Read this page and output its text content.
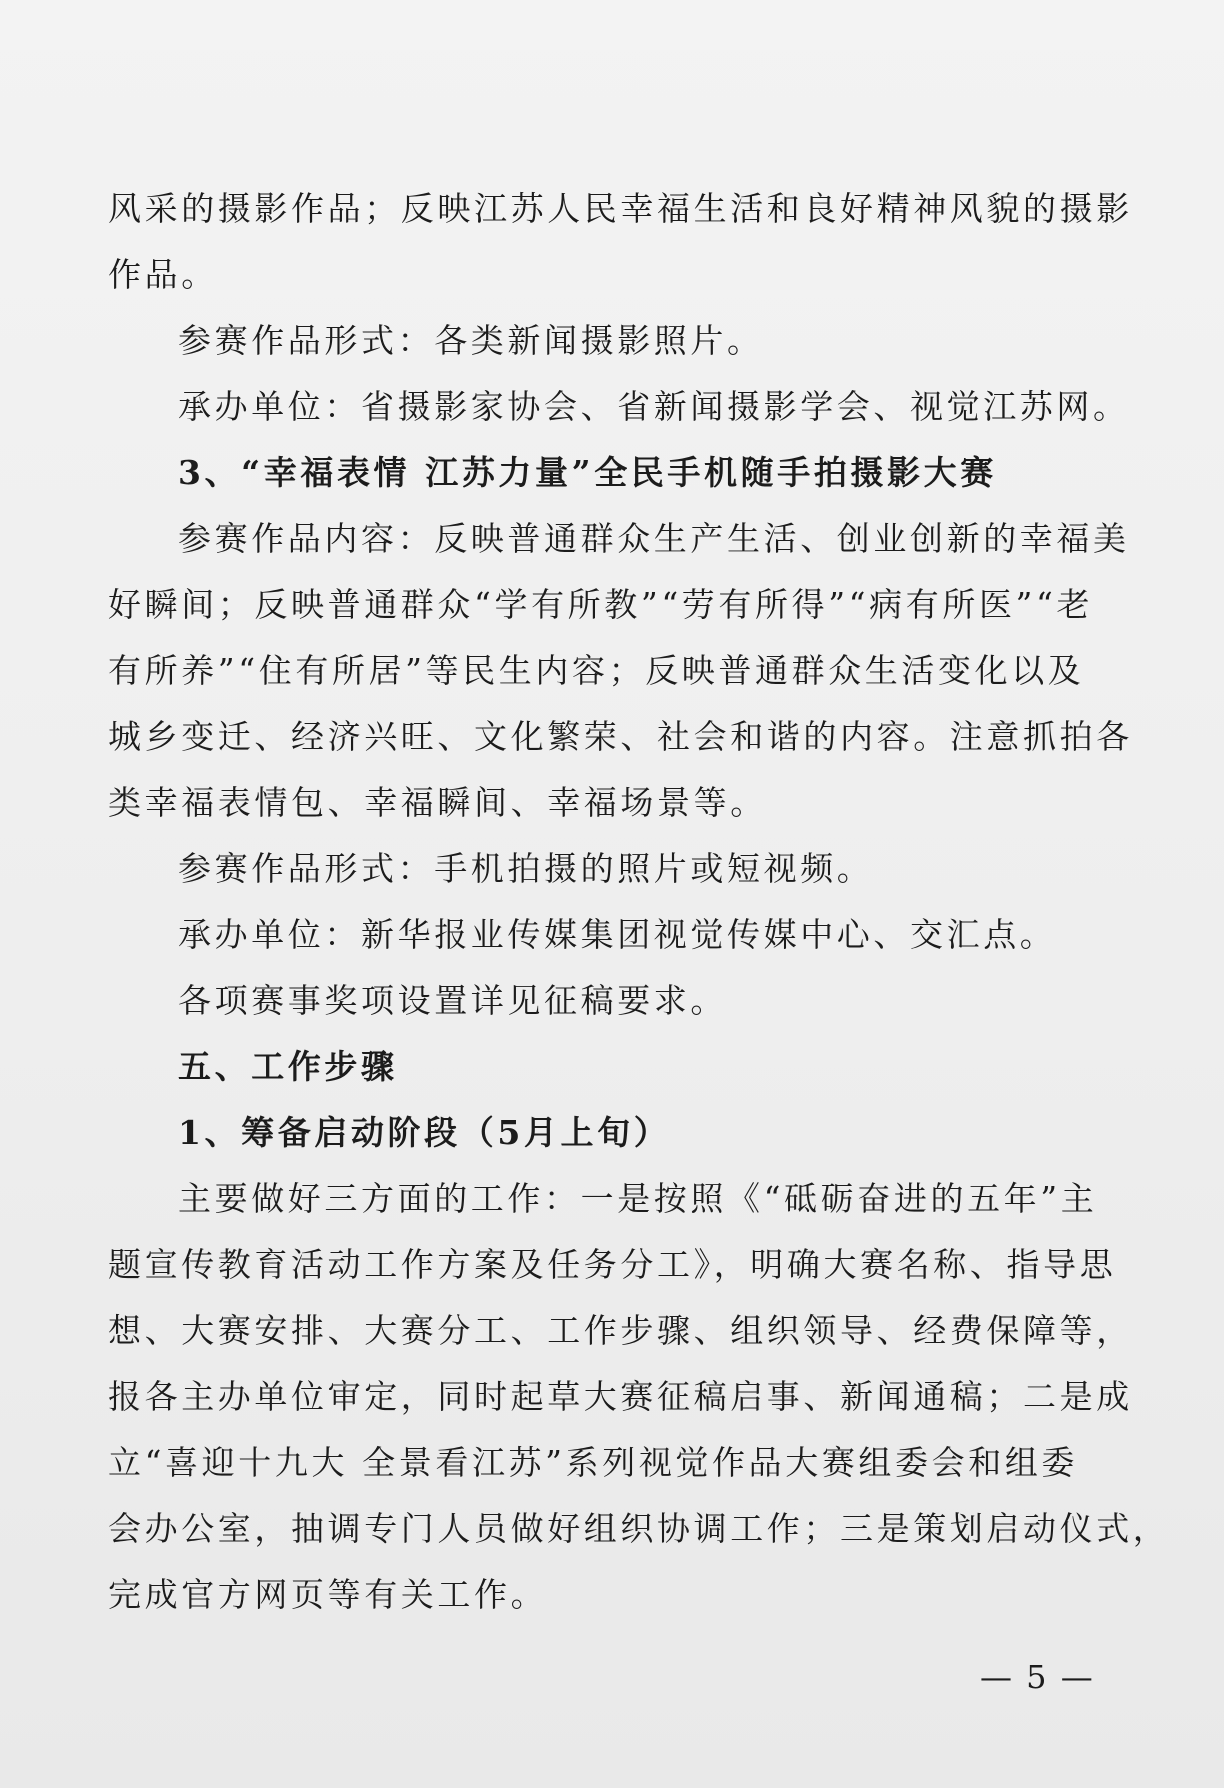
风采的摄影作品；反映江苏人民幸福生活和良好精神风貌的摄影
作品。
参赛作品形式：各类新闻摄影照片。
承办单位：省摄影家协会、省新闻摄影学会、视觉江苏网。
3、“幸福表情 江苏力量”全民手机随手拍摄影大赛
参赛作品内容：反映普通群众生产生活、创业创新的幸福美
好瞬间；反映普通群众“学有所教”“劳有所得”“病有所医”“老
有所养”“住有所居”等民生内容；反映普通群众生活变化以及
城乡变迁、经济兴旺、文化繁荣、社会和谐的内容。注意抓拍各
类幸福表情包、幸福瞬间、幸福场景等。
参赛作品形式：手机拍摄的照片或短视频。
承办单位：新华报业传媒集团视觉传媒中心、交汇点。
各项赛事奖项设置详见征稿要求。
五、工作步骤
1、筹备启动阶段（5月上旬）
主要做好三方面的工作：一是按照《“砥砺奋进的五年”主
题宣传教育活动工作方案及任务分工》，明确大赛名称、指导思
想、大赛安排、大赛分工、工作步骤、组织领导、经费保障等，
报各主办单位审定，同时起草大赛征稿启事、新闻通稿；二是成
立“喜迎十九大 全景看江苏”系列视觉作品大赛组委会和组委
会办公室，抽调专门人员做好组织协调工作；三是策划启动仪式，
完成官方网页等有关工作。
— 5 —
